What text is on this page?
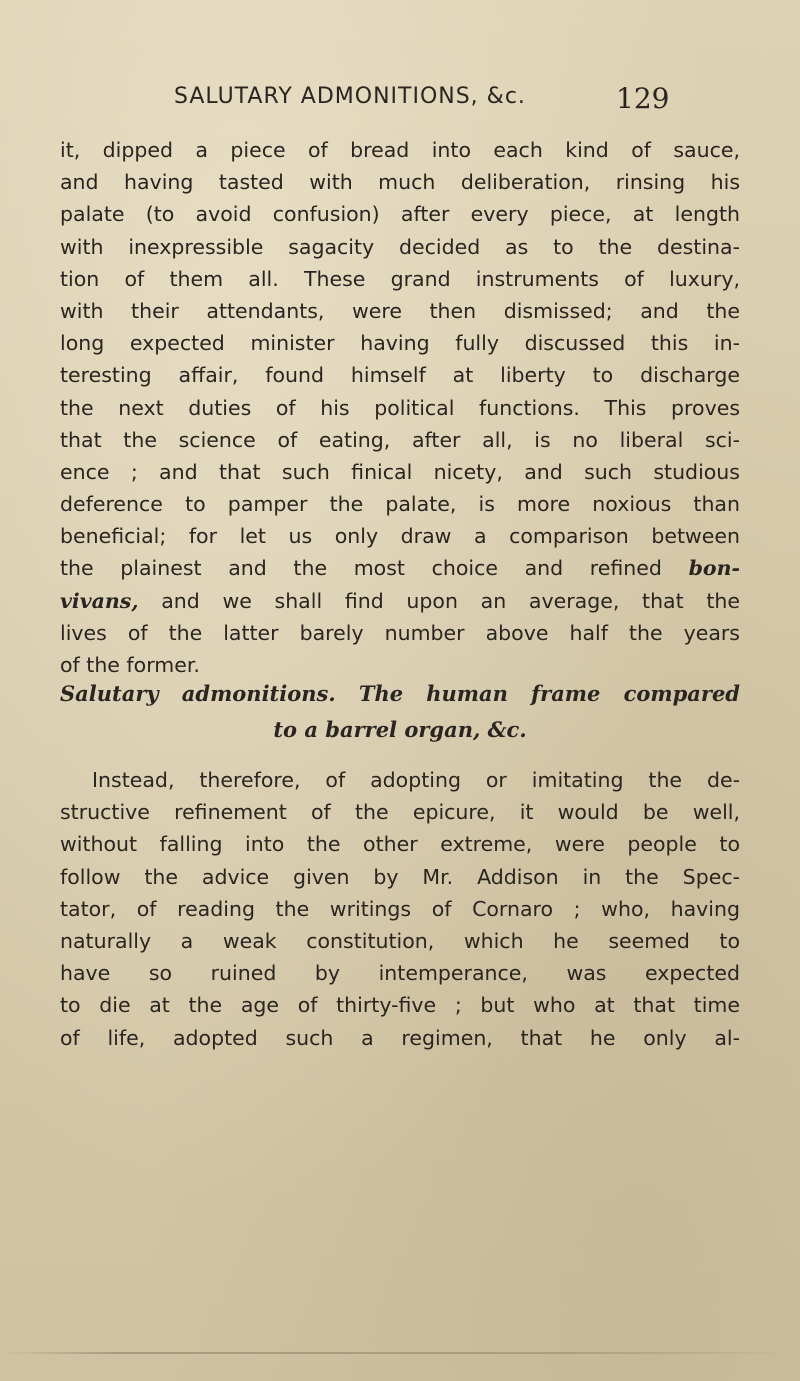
SALUTARY ADMONITIONS, &c.	129
it, dipped a piece of bread into each kind of sauce,
and having tasted with much deliberation, rinsing his
palate (to avoid confusion) after every piece, at length
with inexpressible sagacity decided as to the destina-
tion of them all. These grand instruments of luxury,
with their attendants, were then dismissed; and the
long expected minister having fully discussed this in-
teresting affair, found himself at liberty to discharge
the next duties of his political functions. This proves
that the science of eating, after all, is no liberal sci-
ence ; and that such finical nicety, and such studious
deference to pamper the palate, is more noxious than
beneficial; for let us only draw a comparison between
the plainest and the most choice and refined bon-
vivans, and we shall find upon an average, that the
lives of the latter barely number above half the years
of the former.
Salutary admonitions. The human frame compared
to a barrel organ, &c.
Instead, therefore, of adopting or imitating the de-
structive refinement of the epicure, it would be well,
without falling into the other extreme, were people to
follow the advice given by Mr. Addison in the Spec-
tator, of reading the writings of Cornaro ; who, having
naturally a weak constitution, which he seemed to
have so ruined by intemperance, was expected
to die at the age of thirty-five ; but who at that time
of life, adopted such a regimen, that he only al-
